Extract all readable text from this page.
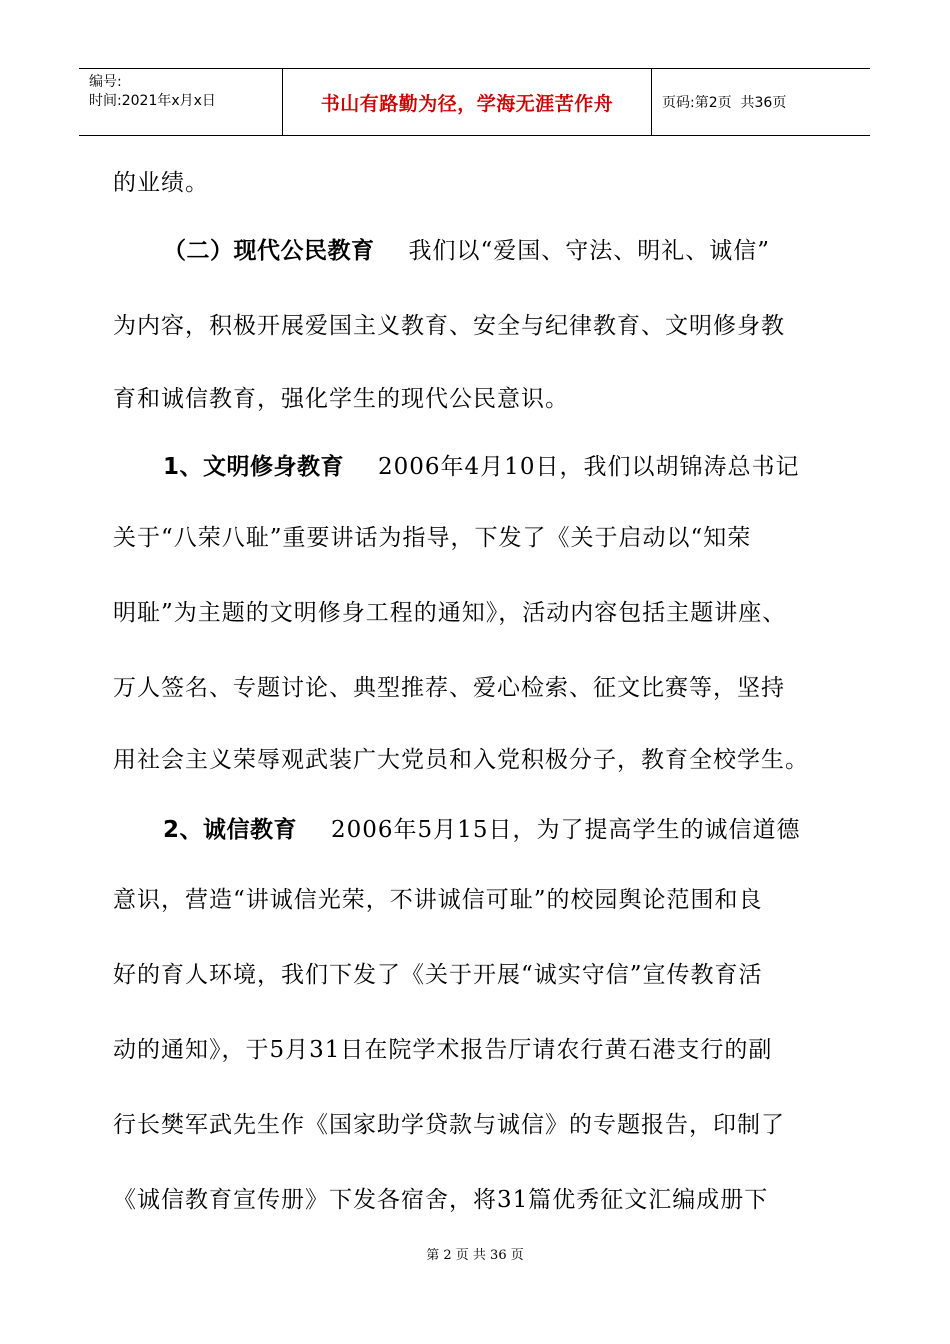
编号:
时间:2021年x月x日	书山有路勤为径，学海无涯苦作舟	页码:第2页  共36页
的业绩。
（二）现代公民教育 我们以“爱国、守法、明礼、诚信”
为内容，积极开展爱国主义教育、安全与纪律教育、文明修身教
育和诚信教育，强化学生的现代公民意识。
1、文明修身教育 2006年4月10日，我们以胡锦涛总书记
关于“八荣八耻”重要讲话为指导，下发了《关于启动以“知荣
明耻”为主题的文明修身工程的通知》，活动内容包括主题讲座、
万人签名、专题讨论、典型推荐、爱心检索、征文比赛等，坚持
用社会主义荣辱观武装广大党员和入党积极分子，教育全校学生。
2、诚信教育 2006年5月15日，为了提高学生的诚信道德
意识，营造“讲诚信光荣，不讲诚信可耻”的校园舆论范围和良
好的育人环境，我们下发了《关于开展“诚实守信”宣传教育活
动的通知》，于5月31日在院学术报告厅请农行黄石港支行的副
行长樊军武先生作《国家助学贷款与诚信》的专题报告，印制了
《诚信教育宣传册》下发各宿舍，将31篇优秀征文汇编成册下
第 2 页 共 36 页
